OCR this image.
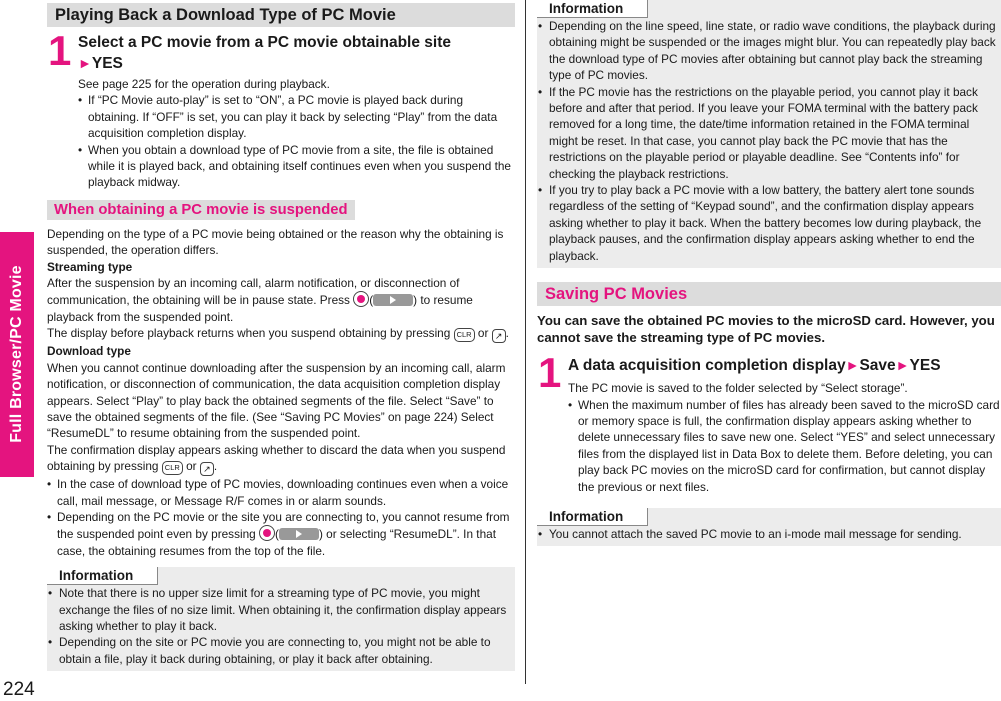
Full Browser/PC Movie
224
Playing Back a Download Type of PC Movie
1 Select a PC movie from a PC movie obtainable site
►YES
See page 225 for the operation during playback.
• If “PC Movie auto-play” is set to “ON”, a PC movie is played back during obtaining. If “OFF” is set, you can play it back by selecting “Play” from the data acquisition completion display.
• When you obtain a download type of PC movie from a site, the file is obtained while it is played back, and obtaining itself continues even when you suspend the playback midway.
When obtaining a PC movie is suspended
Depending on the type of a PC movie being obtained or the reason why the obtaining is suspended, the operation differs.
Streaming type
After the suspension by an incoming call, alarm notification, or disconnection of communication, the obtaining will be in pause state. Press (	) to resume playback from the suspended point.
The display before playback returns when you suspend obtaining by pressing CLR or ↗ .
Download type
When you cannot continue downloading after the suspension by an incoming call, alarm notification, or disconnection of communication, the data acquisition completion display appears. Select “Play” to play back the obtained segments of the file. Select “Save” to save the obtained segments of the file. (See “Saving PC Movies” on page 224) Select “ResumeDL” to resume obtaining from the suspended point.
The confirmation display appears asking whether to discard the data when you suspend obtaining by pressing CLR or ↗ .
• In the case of download type of PC movies, downloading continues even when a voice call, mail message, or Message R/F comes in or alarm sounds.
• Depending on the PC movie or the site you are connecting to, you cannot resume from the suspended point even by pressing (	) or selecting “ResumeDL”. In that case, the obtaining resumes from the top of the file.
Information
• Note that there is no upper size limit for a streaming type of PC movie, you might exchange the files of no size limit. When obtaining it, the confirmation display appears asking whether to play it back.
• Depending on the site or PC movie you are connecting to, you might not be able to obtain a file, play it back during obtaining, or play it back after obtaining.
Information
• Depending on the line speed, line state, or radio wave conditions, the playback during obtaining might be suspended or the images might blur. You can repeatedly play back the download type of PC movies after obtaining but cannot play back the streaming type of PC movies.
• If the PC movie has the restrictions on the playable period, you cannot play it back before and after that period. If you leave your FOMA terminal with the battery pack removed for a long time, the date/time information retained in the FOMA terminal might be reset. In that case, you cannot play back the PC movie that has the restrictions on the playable period or playable deadline. See “Contents info” for checking the playback restrictions.
• If you try to play back a PC movie with a low battery, the battery alert tone sounds regardless of the setting of “Keypad sound”, and the confirmation display appears asking whether to play it back. When the battery becomes low during playback, the playback pauses, and the confirmation display appears asking whether to end the playback.
Saving PC Movies
You can save the obtained PC movies to the microSD card. However, you cannot save the streaming type of PC movies.
1 A data acquisition completion display►Save►YES
The PC movie is saved to the folder selected by “Select storage”.
• When the maximum number of files has already been saved to the microSD card or memory space is full, the confirmation display appears asking whether to delete unnecessary files to save new one. Select “YES” and select unnecessary files from the displayed list in Data Box to delete them. Before deleting, you can play back PC movies on the microSD card for confirmation, but cannot display the previous or next files.
Information
• You cannot attach the saved PC movie to an i-mode mail message for sending.
